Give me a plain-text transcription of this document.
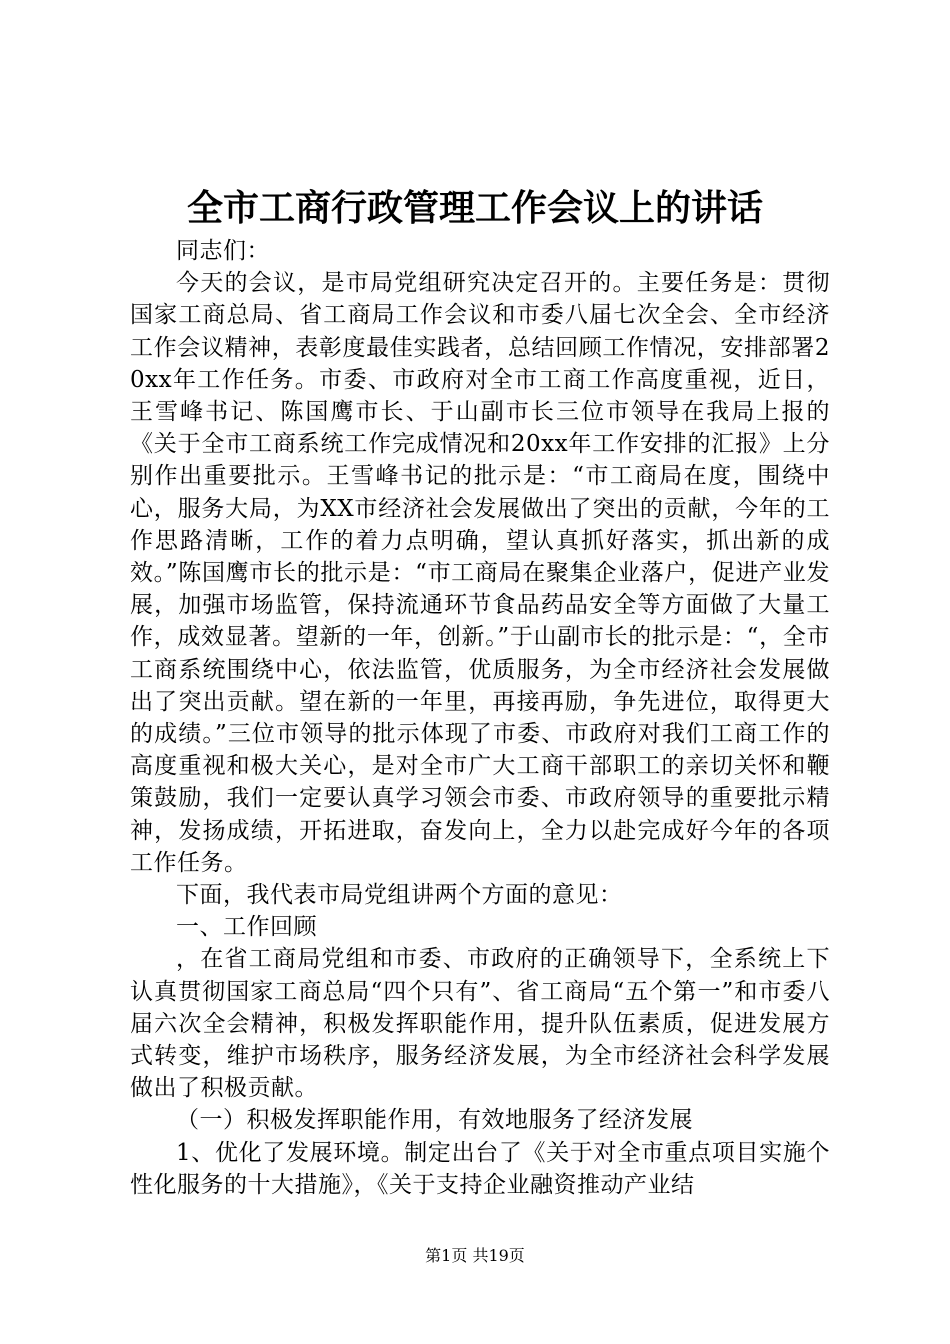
全市工商行政管理工作会议上的讲话

同志们：

今天的会议，是市局党组研究决定召开的。主要任务是：贯彻国家工商总局、省工商局工作会议和市委八届七次全会、全市经济工作会议精神，表彰度最佳实践者，总结回顾工作情况，安排部署20xx年工作任务。市委、市政府对全市工商工作高度重视，近日，王雪峰书记、陈国鹰市长、于山副市长三位市领导在我局上报的《关于全市工商系统工作完成情况和20xx年工作安排的汇报》上分别作出重要批示。王雪峰书记的批示是：“市工商局在度，围绕中心，服务大局，为XX市经济社会发展做出了突出的贡献，今年的工作思路清晰，工作的着力点明确，望认真抓好落实，抓出新的成效。”陈国鹰市长的批示是：“市工商局在聚集企业落户，促进产业发展，加强市场监管，保持流通环节食品药品安全等方面做了大量工作，成效显著。望新的一年，创新。”于山副市长的批示是：“，全市工商系统围绕中心，依法监管，优质服务，为全市经济社会发展做出了突出贡献。望在新的一年里，再接再励，争先进位，取得更大的成绩。”三位市领导的批示体现了市委、市政府对我们工商工作的高度重视和极大关心，是对全市广大工商干部职工的亲切关怀和鞭策鼓励，我们一定要认真学习领会市委、市政府领导的重要批示精神，发扬成绩，开拓进取，奋发向上，全力以赴完成好今年的各项工作任务。

下面，我代表市局党组讲两个方面的意见：

一、工作回顾

，在省工商局党组和市委、市政府的正确领导下，全系统上下认真贯彻国家工商总局“四个只有”、省工商局“五个第一”和市委八届六次全会精神，积极发挥职能作用，提升队伍素质，促进发展方式转变，维护市场秩序，服务经济发展，为全市经济社会科学发展做出了积极贡献。

（一）积极发挥职能作用，有效地服务了经济发展

1、优化了发展环境。制定出台了《关于对全市重点项目实施个性化服务的十大措施》，《关于支持企业融资推动产业结

第1页 共19页
